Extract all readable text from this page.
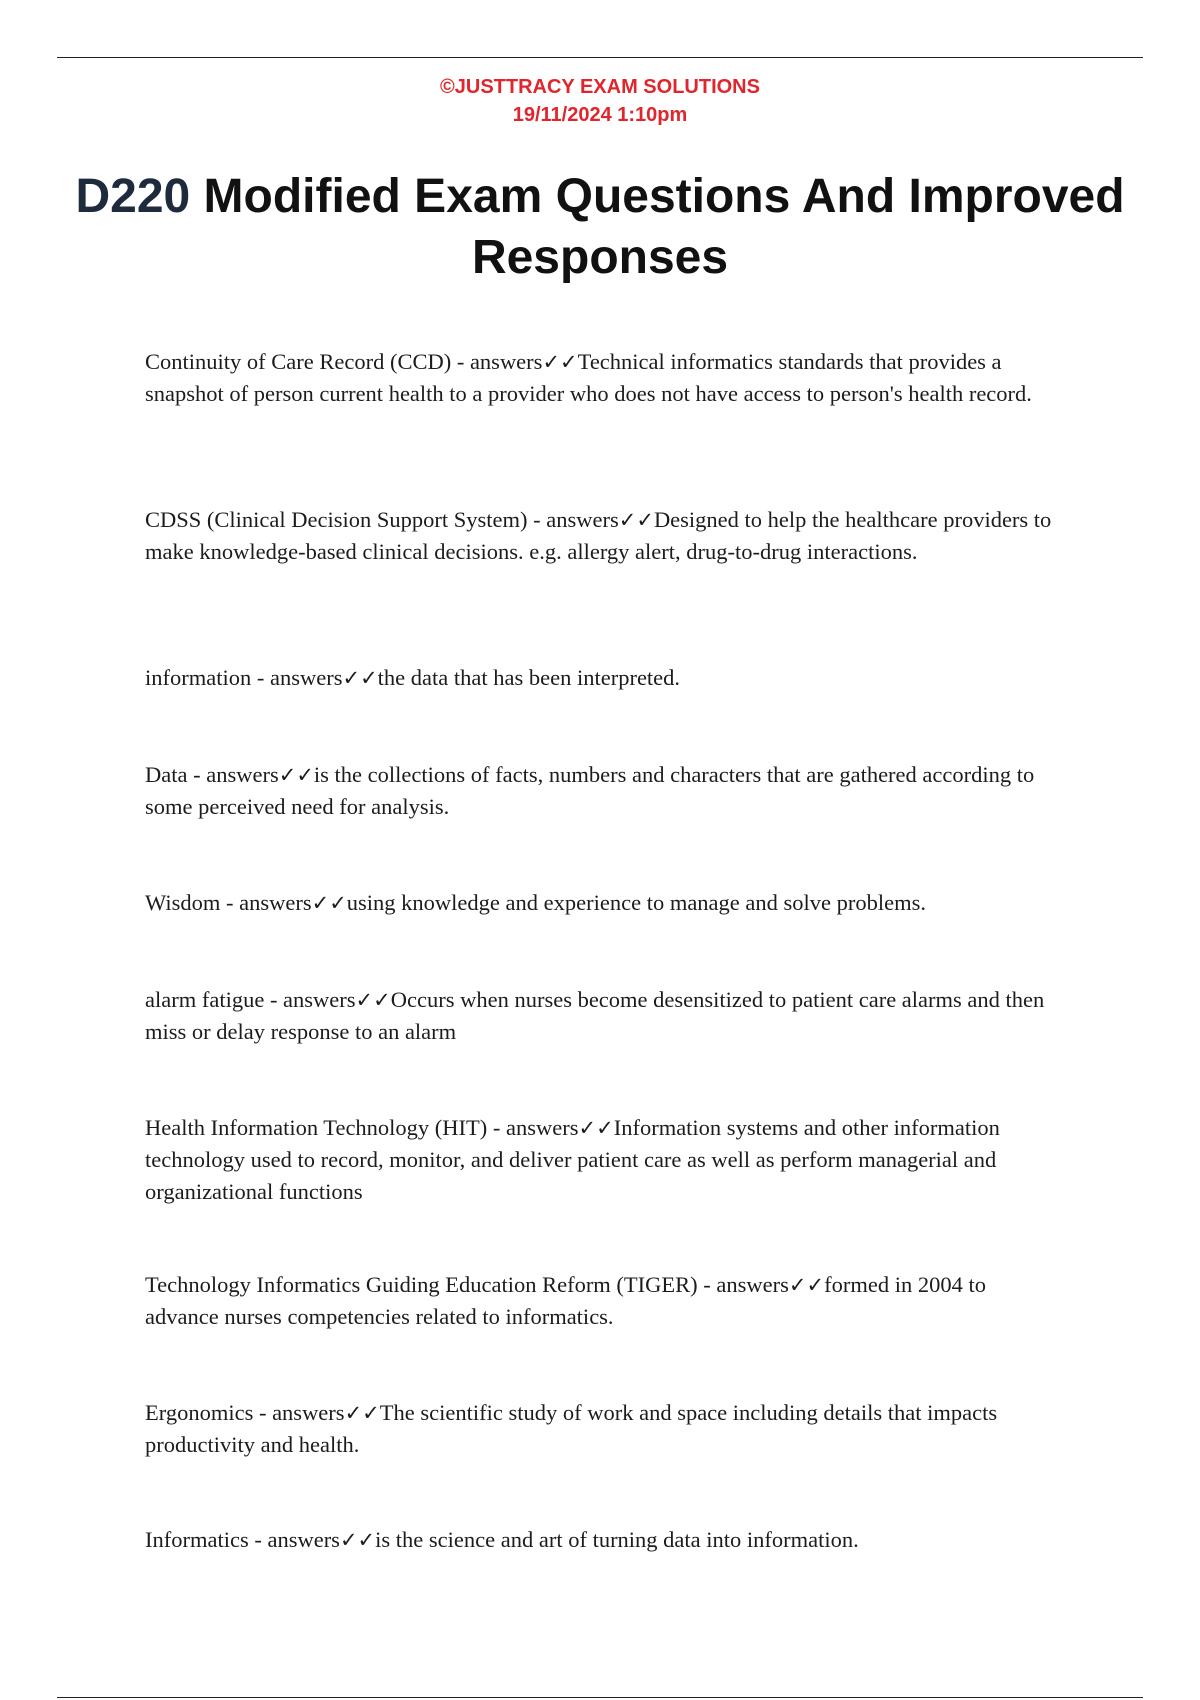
©JUSTTRACY EXAM SOLUTIONS
19/11/2024 1:10pm
D220 Modified Exam Questions And Improved Responses

Continuity of Care Record (CCD) - answers✓✓Technical informatics standards that provides a snapshot of person current health to a provider who does not have access to person's health record.

CDSS (Clinical Decision Support System) - answers✓✓Designed to help the healthcare providers to make knowledge-based clinical decisions. e.g. allergy alert, drug-to-drug interactions.

information - answers✓✓the data that has been interpreted.

Data - answers✓✓is the collections of facts, numbers and characters that are gathered according to some perceived need for analysis.

Wisdom - answers✓✓using knowledge and experience to manage and solve problems.

alarm fatigue - answers✓✓Occurs when nurses become desensitized to patient care alarms and then miss or delay response to an alarm

Health Information Technology (HIT) - answers✓✓Information systems and other information technology used to record, monitor, and deliver patient care as well as perform managerial and organizational functions

Technology Informatics Guiding Education Reform (TIGER) - answers✓✓formed in 2004 to advance nurses competencies related to informatics.

Ergonomics - answers✓✓The scientific study of work and space including details that impacts productivity and health.

Informatics - answers✓✓is the science and art of turning data into information.
